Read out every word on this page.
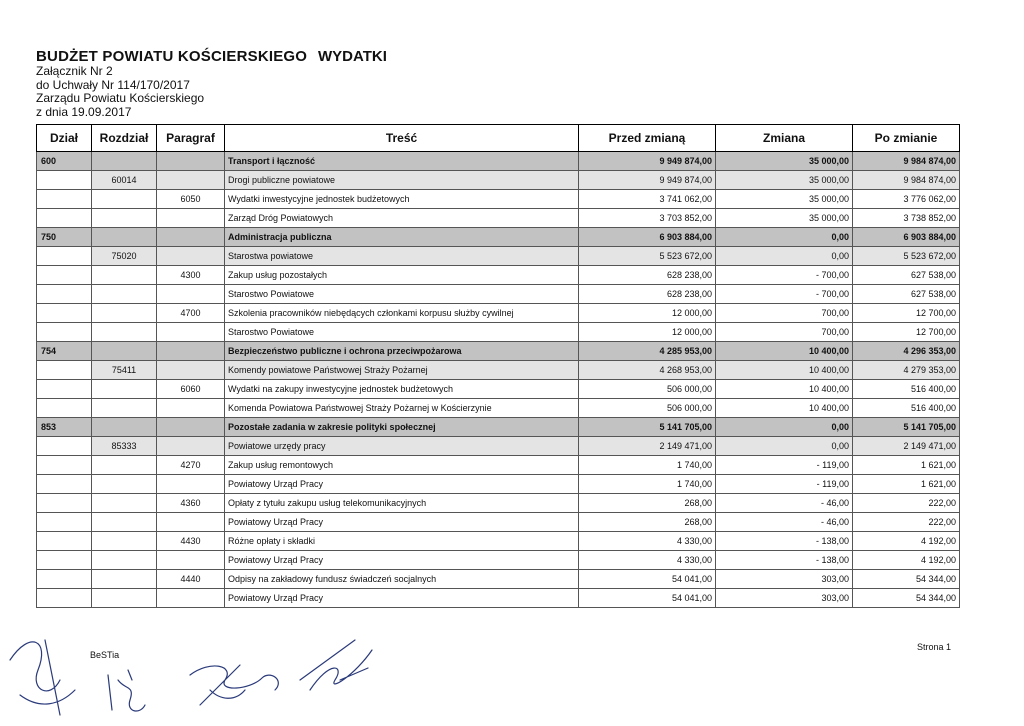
BUDŻET POWIATU KOŚCIERSKIEGO
Załącznik Nr 2
do Uchwały Nr 114/170/2017
Zarządu Powiatu Kościerskiego
z dnia 19.09.2017
WYDATKI
Dział	Rozdział	Paragraf	Treść	Przed zmianą	Zmiana	Po zmianie
600			Transport i łączność	9 949 874,00	35 000,00	9 984 874,00
	60014		Drogi publiczne powiatowe	9 949 874,00	35 000,00	9 984 874,00
		6050	Wydatki inwestycyjne jednostek budżetowych	3 741 062,00	35 000,00	3 776 062,00
			Zarząd Dróg Powiatowych	3 703 852,00	35 000,00	3 738 852,00
750			Administracja publiczna	6 903 884,00	0,00	6 903 884,00
	75020		Starostwa powiatowe	5 523 672,00	0,00	5 523 672,00
		4300	Zakup usług pozostałych	628 238,00	- 700,00	627 538,00
			Starostwo Powiatowe	628 238,00	- 700,00	627 538,00
		4700	Szkolenia pracowników niebędących członkami korpusu służby cywilnej	12 000,00	700,00	12 700,00
			Starostwo Powiatowe	12 000,00	700,00	12 700,00
754			Bezpieczeństwo publiczne i ochrona przeciwpożarowa	4 285 953,00	10 400,00	4 296 353,00
	75411		Komendy powiatowe Państwowej Straży Pożarnej	4 268 953,00	10 400,00	4 279 353,00
		6060	Wydatki na zakupy inwestycyjne jednostek budżetowych	506 000,00	10 400,00	516 400,00
			Komenda Powiatowa Państwowej Straży Pożarnej w Kościerzynie	506 000,00	10 400,00	516 400,00
853			Pozostałe zadania w zakresie polityki społecznej	5 141 705,00	0,00	5 141 705,00
	85333		Powiatowe urzędy pracy	2 149 471,00	0,00	2 149 471,00
		4270	Zakup usług remontowych	1 740,00	- 119,00	1 621,00
			Powiatowy Urząd Pracy	1 740,00	- 119,00	1 621,00
		4360	Opłaty z tytułu zakupu usług telekomunikacyjnych	268,00	- 46,00	222,00
			Powiatowy Urząd Pracy	268,00	- 46,00	222,00
		4430	Różne opłaty i składki	4 330,00	- 138,00	4 192,00
			Powiatowy Urząd Pracy	4 330,00	- 138,00	4 192,00
		4440	Odpisy na zakładowy fundusz świadczeń socjalnych	54 041,00	303,00	54 344,00
			Powiatowy Urząd Pracy	54 041,00	303,00	54 344,00
BeSTia
Strona 1
